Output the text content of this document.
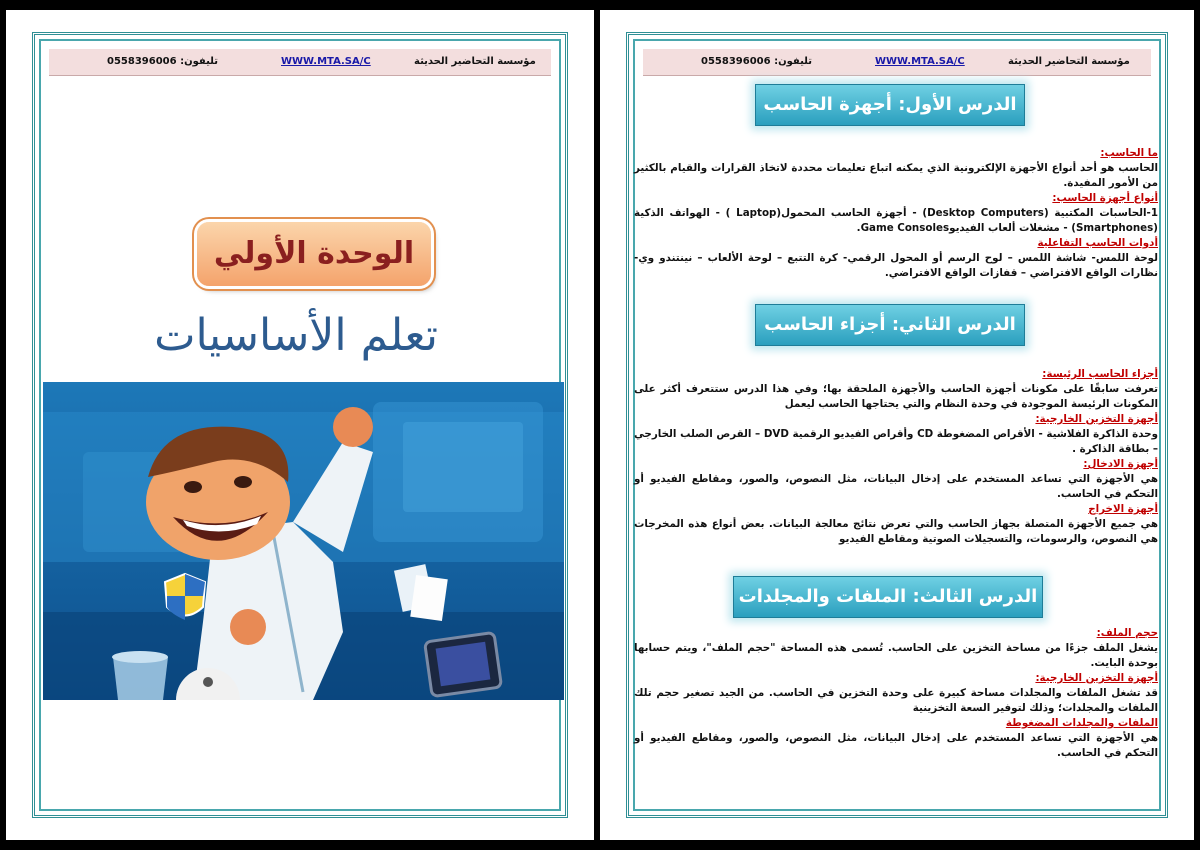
تليفون: 0558396006	WWW.MTA.SA/C	مؤسسة التحاضير الحديثة
الوحدة الأولي
تعلم الأساسيات
تليفون: 0558396006	WWW.MTA.SA/C	مؤسسة التحاضير الحديثة
الدرس الأول: أجهزة الحاسب
ما الحاسب:

الحاسب هو أحد أنواع الأجهزة الإلكترونية الذي يمكنه اتباع تعليمات محددة لاتخاذ القرارات والقيام بالكثير من الأمور المفيدة.

أنواع أجهزة الحاسب:

1-الحاسبات المكتبية (Desktop Computers) - أجهزة الحاسب المحمول(Laptop ) - الهواتف الذكية (Smartphones) - مشغلات ألعاب الفيديوGame Consoles.

أدوات الحاسب التفاعلية

لوحة اللمس- شاشة اللمس – لوح الرسم أو المحول الرقمي- كرة التتبع – لوحة الألعاب – نينتندو وي- نظارات الواقع الافتراضي – قفازات الواقع الافتراضي.

الدرس الثاني: أجزاء الحاسب
أجزاء الحاسب الرئيسة:

تعرفت سابقًا على مكونات أجهزة الحاسب والأجهزة الملحقة بها؛ وفي هذا الدرس ستتعرف أكثر على المكونات الرئيسة الموجودة في وحدة النظام والتي يحتاجها الحاسب ليعمل

أجهزة التخزين الخارجية:

وحدة الذاكرة الفلاشية - الأقراص المضغوطة CD وأقراص الفيديو الرقمية DVD – القرص الصلب الخارجي – بطاقة الذاكرة .

أجهزة الادخال:

هي الأجهزة التي تساعد المستخدم على إدخال البيانات، مثل النصوص، والصور، ومقاطع الفيديو أو التحكم في الحاسب.

أجهزة الاخراج

هي جميع الأجهزة المتصلة بجهاز الحاسب والتي تعرض نتائج معالجة البيانات. بعض أنواع هذه المخرجات هي النصوص، والرسومات، والتسجيلات الصوتية ومقاطع الفيديو

الدرس الثالث: الملفات والمجلدات
حجم الملف:

يشغل الملف جزءًا من مساحة التخزين على الحاسب. تُسمى هذه المساحة "حجم الملف"، ويتم حسابها بوحدة البايت.

أجهزة التخزين الخارجية:

قد تشغل الملفات والمجلدات مساحة كبيرة على وحدة التخزين في الحاسب. من الجيد تصغير حجم تلك الملفات والمجلدات؛ وذلك لتوفير السعة التخزينية

الملفات والمجلدات المضغوطة

هي الأجهزة التي تساعد المستخدم على إدخال البيانات، مثل النصوص، والصور، ومقاطع الفيديو أو التحكم في الحاسب.
